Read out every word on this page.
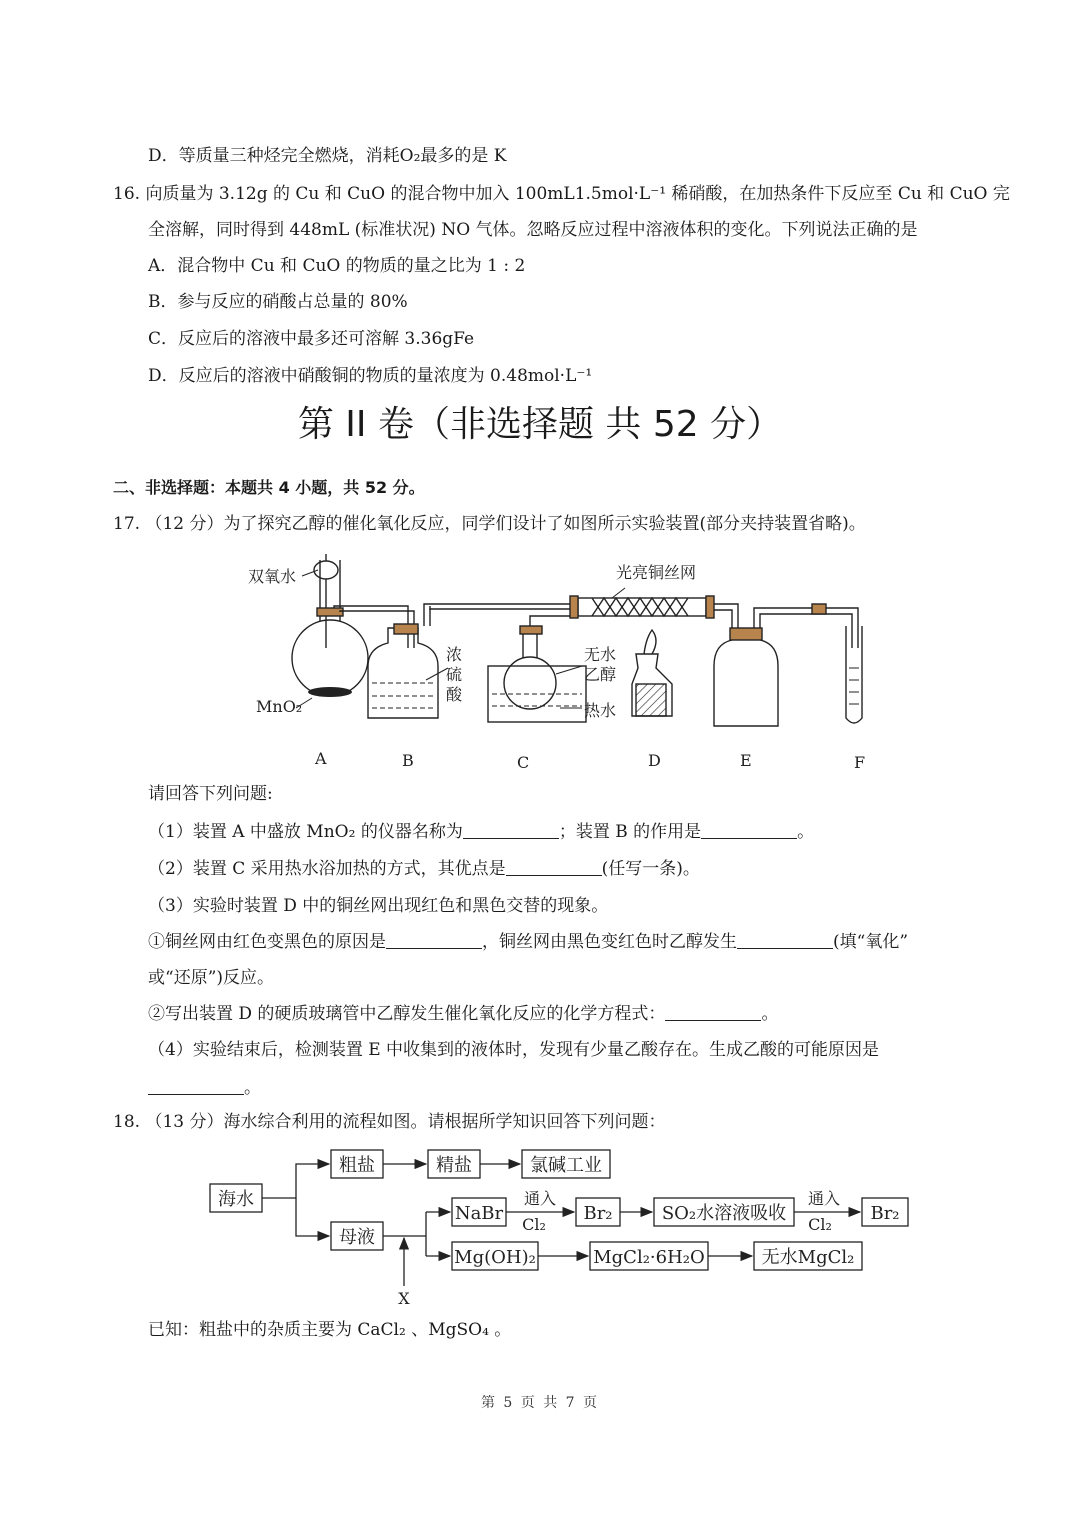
D．等质量三种烃完全燃烧，消耗O₂最多的是 K
16. 向质量为 3.12g 的 Cu 和 CuO 的混合物中加入 100mL1.5mol·L⁻¹ 稀硝酸，在加热条件下反应至 Cu 和 CuO 完
全溶解，同时得到 448mL (标准状况) NO 气体。忽略反应过程中溶液体积的变化。下列说法正确的是
A．混合物中 Cu 和 CuO 的物质的量之比为 1 : 2
B．参与反应的硝酸占总量的 80%
C．反应后的溶液中最多还可溶解 3.36gFe
D．反应后的溶液中硝酸铜的物质的量浓度为 0.48mol·L⁻¹
第 II 卷（非选择题 共 52 分）
二、非选择题：本题共 4 小题，共 52 分。
17. （12 分）为了探究乙醇的催化氧化反应，同学们设计了如图所示实验装置(部分夹持装置省略)。
双氧水
MnO₂
浓
硫
酸
无水
乙醇
热水
光亮铜丝网
A	B	C	D	E	F
请回答下列问题:
（1）装置 A 中盛放 MnO₂ 的仪器名称为	；装置 B 的作用是	。
（2）装置 C 采用热水浴加热的方式，其优点是	(任写一条)。
（3）实验时装置 D 中的铜丝网出现红色和黑色交替的现象。
①铜丝网由红色变黑色的原因是	，铜丝网由黑色变红色时乙醇发生	(填“氧化”
或“还原”)反应。
②写出装置 D 的硬质玻璃管中乙醇发生催化氧化反应的化学方程式：	。
（4）实验结束后，检测装置 E 中收集到的液体时，发现有少量乙酸存在。生成乙酸的可能原因是
。
18. （13 分）海水综合利用的流程如图。请根据所学知识回答下列问题：
海水
粗盐	精盐	氯碱工业
母液
NaBr	Br₂	SO₂水溶液吸收	Br₂
Mg(OH)₂	MgCl₂·6H₂O	无水MgCl₂
通入
Cl₂
通入
Cl₂
X
已知：粗盐中的杂质主要为 CaCl₂ 、MgSO₄ 。
第 5 页 共 7 页
